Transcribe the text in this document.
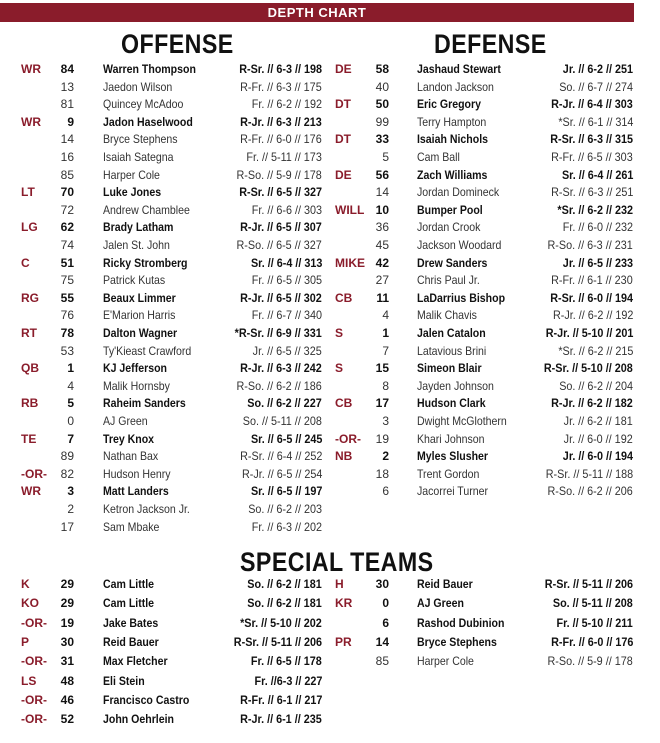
DEPTH CHART
OFFENSE	DEFENSE
SPECIAL TEAMS
WR	84 Warren Thompson	R-Sr. // 6-3 // 198
13 Jaedon Wilson	R-Fr. // 6-3 // 175
81 Quincey McAdoo	Fr. // 6-2 // 192
WR	9 Jadon Haselwood	R-Jr. // 6-3 // 213
14 Bryce Stephens	R-Fr. // 6-0 // 176
16 Isaiah Sategna	Fr. // 5-11 // 173
85 Harper Cole	R-So. // 5-9 // 178
LT	70 Luke Jones	R-Sr. // 6-5 // 327
72 Andrew Chamblee	Fr. // 6-6 // 303
LG	62 Brady Latham	R-Jr. // 6-5 // 307
74 Jalen St. John	R-So. // 6-5 // 327
C	51 Ricky Stromberg	Sr. // 6-4 // 313
75 Patrick Kutas	Fr. // 6-5 // 305
RG	55 Beaux Limmer	R-Jr. // 6-5 // 302
76 E'Marion Harris	Fr. // 6-7 // 340
RT	78 Dalton Wagner	*R-Sr. // 6-9 // 331
53 Ty'Kieast Crawford	Jr. // 6-5 // 325
QB	1 KJ Jefferson	R-Jr. // 6-3 // 242
4 Malik Hornsby	R-So. // 6-2 // 186
RB	5 Raheim Sanders	So. // 6-2 // 227
0 AJ Green	So. // 5-11 // 208
TE	7 Trey Knox	Sr. // 6-5 // 245
89 Nathan Bax	R-Sr. // 6-4 // 252
-OR-	82 Hudson Henry	R-Jr. // 6-5 // 254
WR	3 Matt Landers	Sr. // 6-5 // 197
2 Ketron Jackson Jr.	So. // 6-2 // 203
17 Sam Mbake	Fr. // 6-3 // 202
DE	58 Jashaud Stewart	Jr. // 6-2 // 251
40 Landon Jackson	So. // 6-7 // 274
DT	50 Eric Gregory	R-Jr. // 6-4 // 303
99 Terry Hampton	*Sr. // 6-1 // 314
DT	33 Isaiah Nichols	R-Sr. // 6-3 // 315
5 Cam Ball	R-Fr. // 6-5 // 303
DE	56 Zach Williams	Sr. // 6-4 // 261
14 Jordan Domineck	R-Sr. // 6-3 // 251
WILL 10 Bumper Pool	*Sr. // 6-2 // 232
36 Jordan Crook	Fr. // 6-0 // 232
45 Jackson Woodard	R-So. // 6-3 // 231
MIKE 42 Drew Sanders	Jr. // 6-5 // 233
27 Chris Paul Jr.	R-Fr. // 6-1 // 230
CB	11 LaDarrius Bishop	R-Sr. // 6-0 // 194
4 Malik Chavis	R-Jr. // 6-2 // 192
S	1 Jalen Catalon	R-Jr. // 5-10 // 201
7 Latavious Brini	*Sr. // 6-2 // 215
S	15 Simeon Blair	R-Sr. // 5-10 // 208
8 Jayden Johnson	So. // 6-2 // 204
CB	17 Hudson Clark	R-Jr. // 6-2 // 182
3 Dwight McGlothern	Jr. // 6-2 // 181
-OR-	19 Khari Johnson	Jr. // 6-0 // 192
NB	2 Myles Slusher	Jr. // 6-0 // 194
18 Trent Gordon	R-Sr. // 5-11 // 188
6 Jacorrei Turner	R-So. // 6-2 // 206
K	29 Cam Little	So. // 6-2 // 181
KO	29 Cam Little	So. // 6-2 // 181
-OR-	19 Jake Bates	*Sr. // 5-10 // 202
P	30 Reid Bauer	R-Sr. // 5-11 // 206
-OR-	31 Max Fletcher	Fr. // 6-5 // 178
LS	48 Eli Stein	Fr. //6-3 // 227
-OR-	46 Francisco Castro	R-Fr. // 6-1 // 217
-OR-	52 John Oehrlein	R-Jr. // 6-1 // 235
H	30 Reid Bauer	R-Sr. // 5-11 // 206
KR	0 AJ Green	So. // 5-11 // 208
6 Rashod Dubinion	Fr. // 5-10 // 211
PR	14 Bryce Stephens	R-Fr. // 6-0 // 176
85 Harper Cole	R-So. // 5-9 // 178
